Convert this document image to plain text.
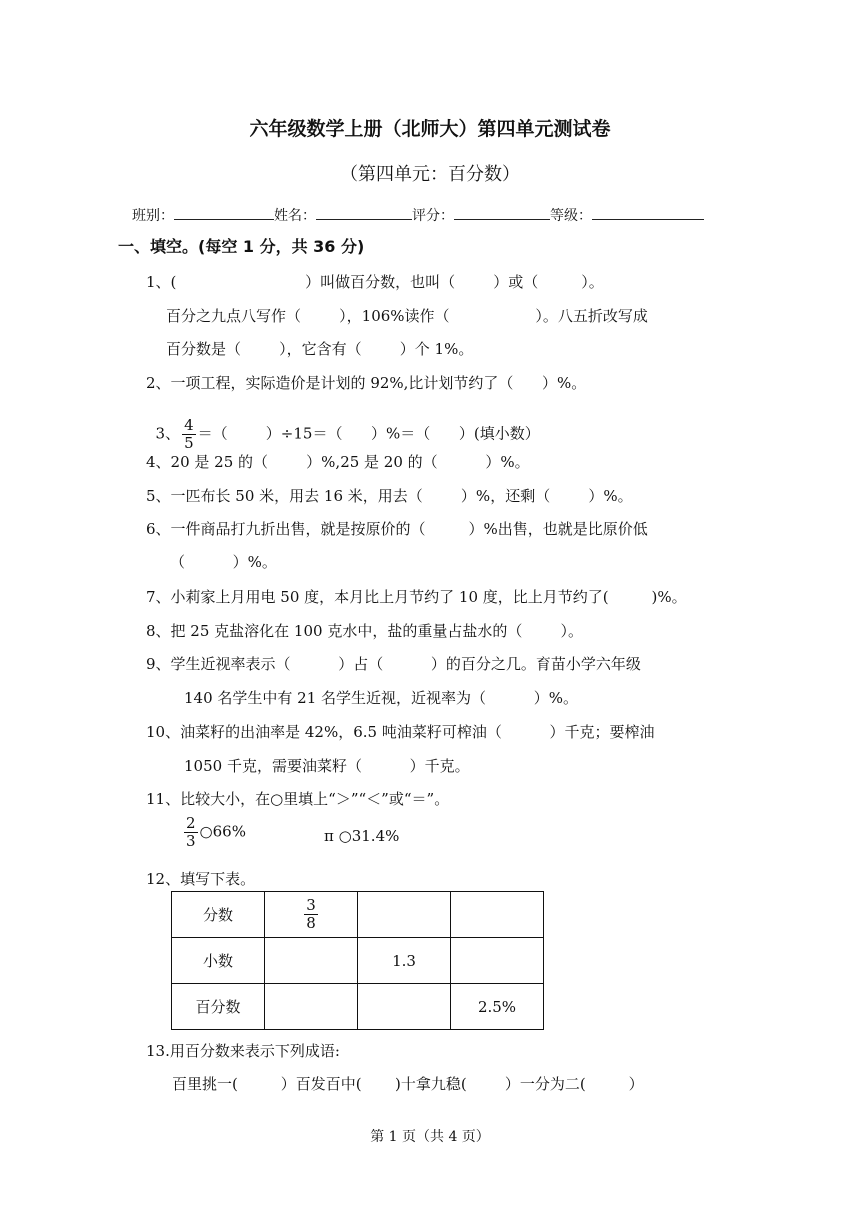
六年级数学上册（北师大）第四单元测试卷
（第四单元：百分数）
班别：	姓名：	评分：	等级：
一、填空。(每空 1 分，共 36 分)
1、(                           ）叫做百分数，也叫（        ）或（         ）。
百分之九点八写作（        ），106%读作（                  ）。八五折改写成
百分数是（        ），它含有（        ）个 1%。
2、一项工程，实际造价是计划的 92%,比计划节约了（      ）%。

3、 $\frac{4}{5}$ ＝（        ）÷15＝（      ）%＝（      ）(填小数）

4、20 是 25 的（        ）%,25 是 20 的（          ）%。
5、一匹布长 50 米，用去 16 米，用去（        ）%，还剩（        ）%。
6、一件商品打九折出售，就是按原价的（         ）%出售，也就是比原价低
（          ）%。
7、小莉家上月用电 50 度，本月比上月节约了 10 度，比上月节约了(         )%。
8、把 25 克盐溶化在 100 克水中，盐的重量占盐水的（        ）。
9、学生近视率表示（          ）占（          ）的百分之几。育苗小学六年级
140 名学生中有 21 名学生近视，近视率为（          ）%。
10、油菜籽的出油率是 42%，6.5 吨油菜籽可榨油（          ）千克；要榨油
1050 千克，需要油菜籽（          ）千克。
11、比较大小，在○里填上“＞”“＜”或“＝”。
$\frac{2}{3}$ ○66%	π ○31.4%
12、填写下表。
分数	$\frac{3}{8}$

小数		1.3	
百分数			2.5%
13.用百分数来表示下列成语:
百里挑一(         ）百发百中(       )十拿九稳(        ）一分为二(         ）
第 1 页（共 4 页）
